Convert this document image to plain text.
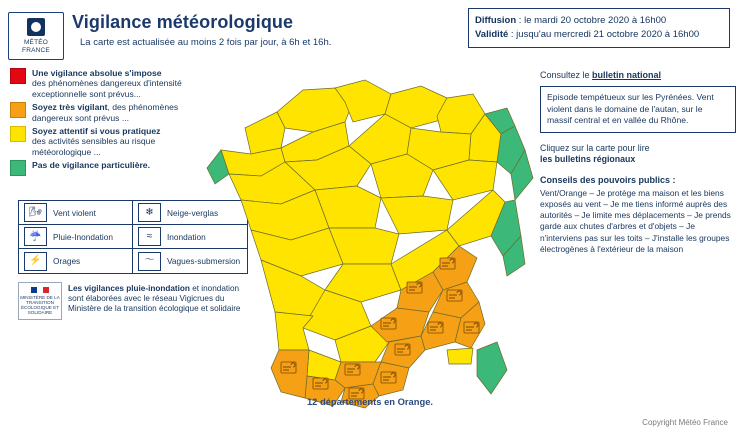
MÉTÉO
FRANCE
Vigilance météorologique
La carte est actualisée au moins 2 fois par jour, à 6h et 16h.
Diffusion : le mardi 20 octobre 2020 à 16h00
Validité : jusqu'au mercredi 21 octobre 2020 à 16h00
Une vigilance absolue s'impose
des phénomènes dangereux d'intensité exceptionnelle sont prévus...
Soyez très vigilant, des phénomènes dangereux sont prévus ...
Soyez attentif si vous pratiquez
des activités sensibles au risque météorologique ...
Pas de vigilance particulière.
🌬	Vent violent	❄	Neige-verglas
☔	Pluie-Inondation	≈	Inondation
⚡	Orages	〜	Vagues-submersion
MINISTÈRE DE LA TRANSITION ÉCOLOGIQUE ET SOLIDAIRE
Les vigilances pluie-inondation et inondation sont élaborées avec le réseau Vigicrues du Ministère de la transition écologique et solidaire
Consultez le bulletin national
Episode tempétueux sur les Pyrénées. Vent violent dans le domaine de l'autan, sur le massif central et en vallée du Rhône.
Cliquez sur la carte pour lire
les bulletins régionaux
Conseils des pouvoirs publics :
Vent/Orange – Je protège ma maison et les biens exposés au vent – Je me tiens informé auprès des autorités – Je limite mes déplacements – Je prends garde aux chutes d'arbres et d'objets – Je n'interviens pas sur les toits – J'installe les groupes électrogènes à l'extérieur de la maison
12 départements en Orange.
Copyright Météo France
